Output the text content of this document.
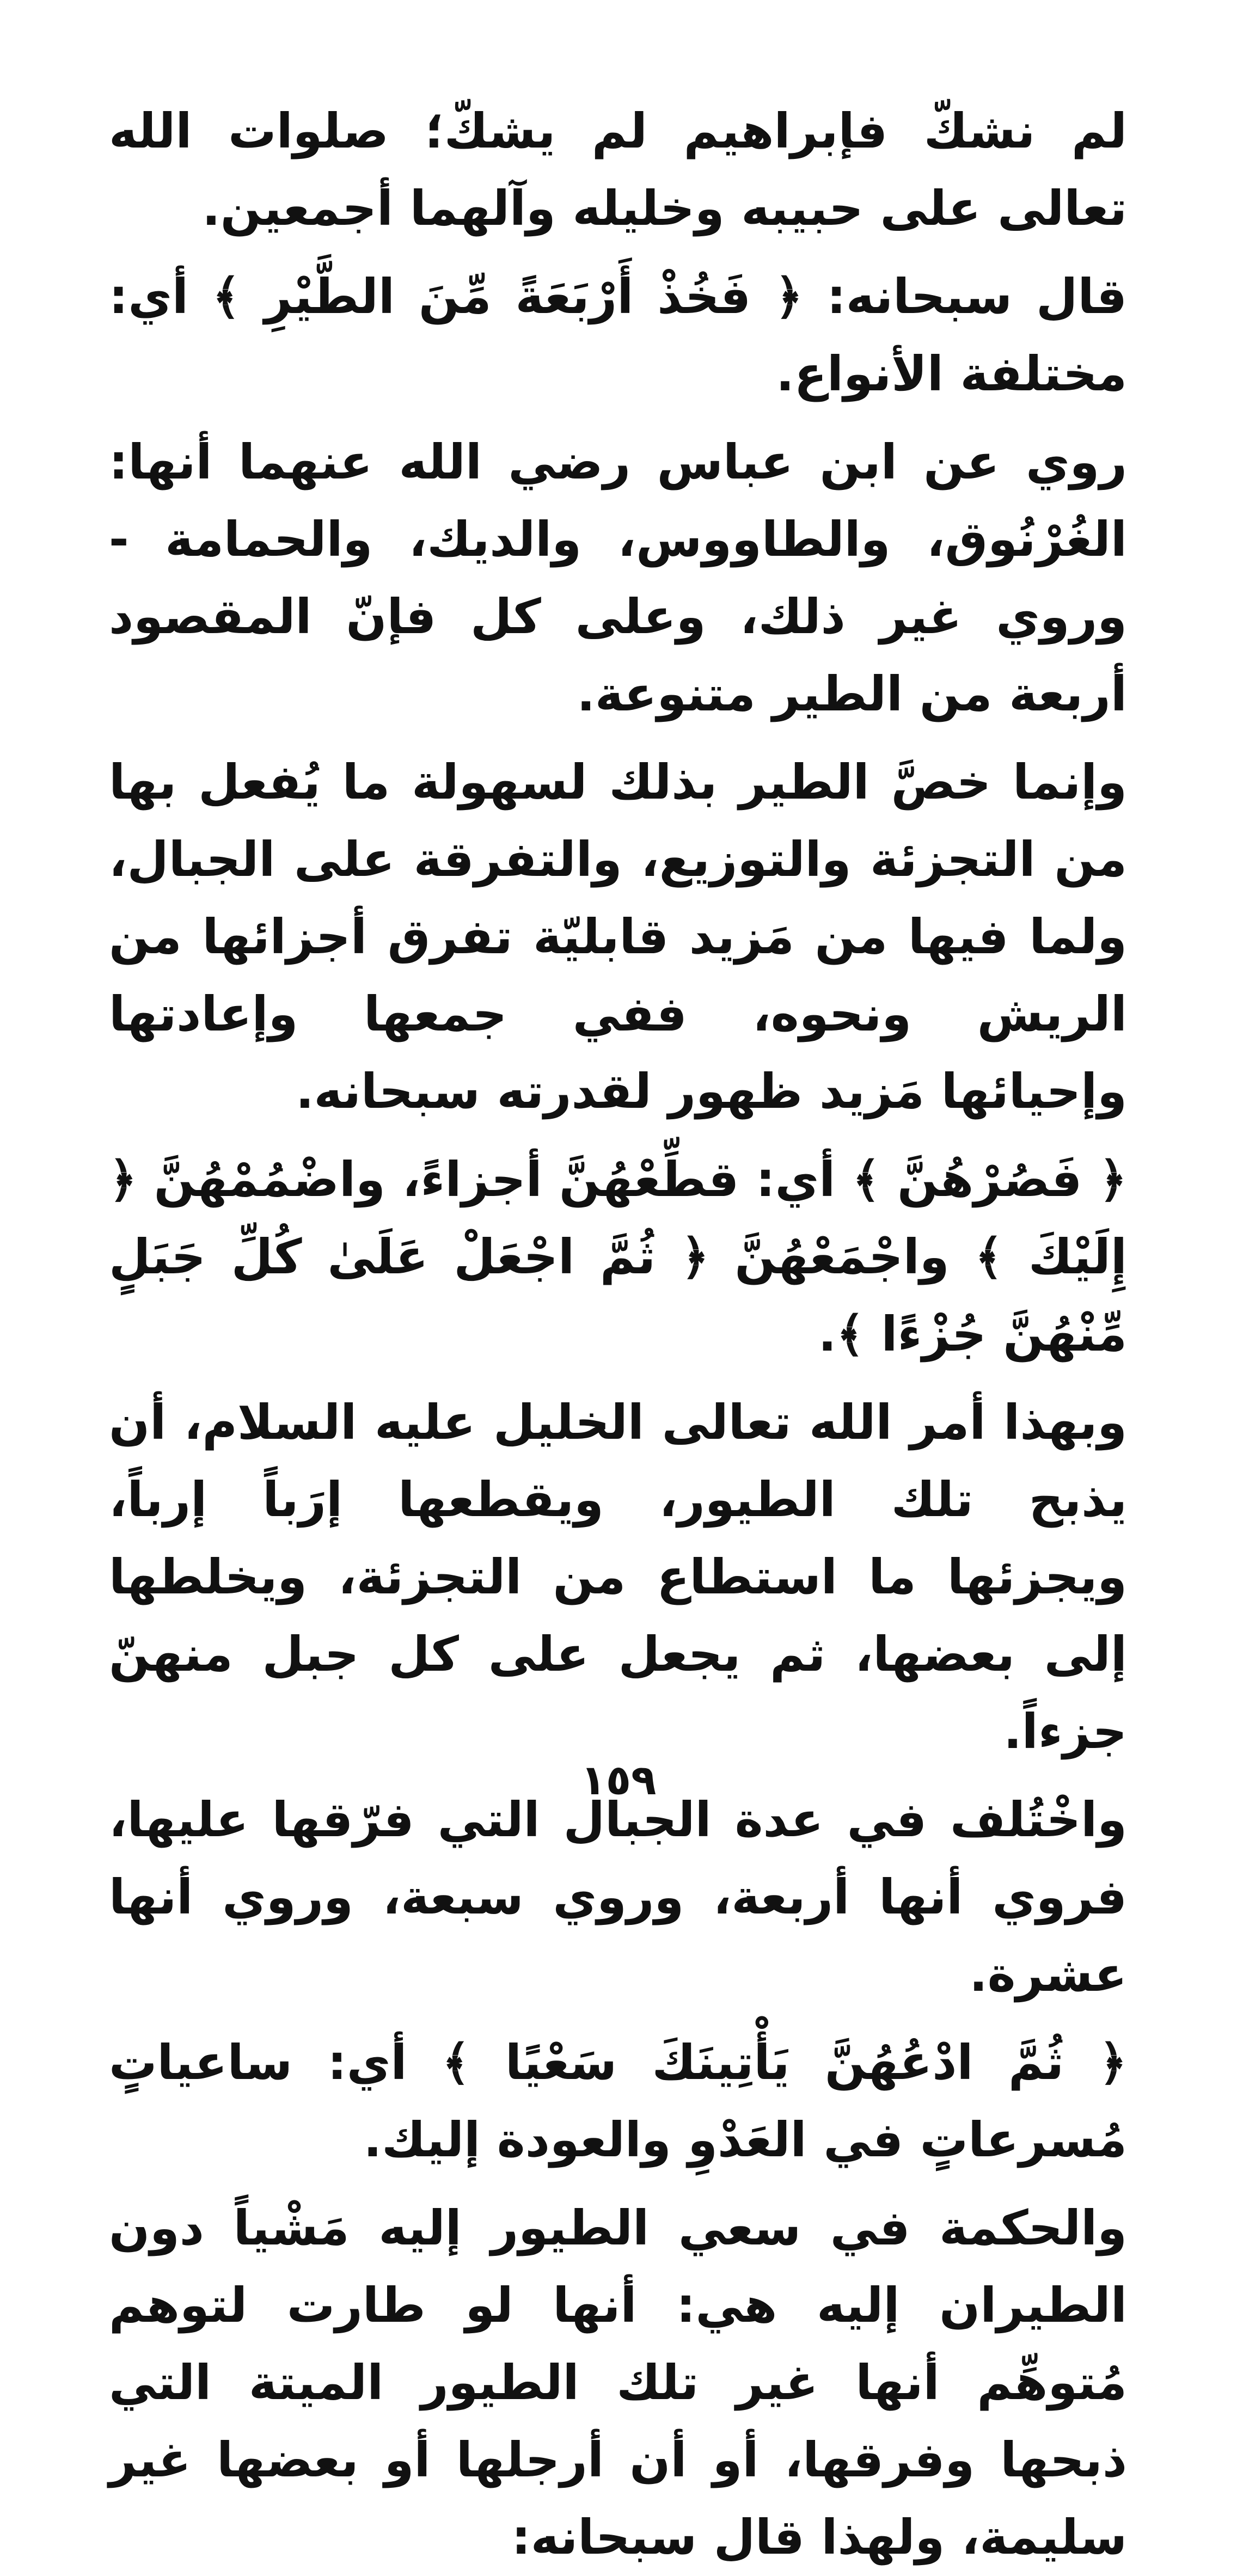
لم نشكّ فإبراهيم لم يشكّ؛ صلوات الله تعالى على حبيبه وخليله وآلهما أجمعين.

قال سبحانه: ﴿ فَخُذْ أَرْبَعَةً مِّنَ الطَّيْرِ ﴾ أي: مختلفة الأنواع.

روي عن ابن عباس رضي الله عنهما أنها: الغُرْنُوق، والطاووس، والديك، والحمامة - وروي غير ذلك، وعلى كل فإنّ المقصود أربعة من الطير متنوعة.

وإنما خصَّ الطير بذلك لسهولة ما يُفعل بها من التجزئة والتوزيع، والتفرقة على الجبال، ولما فيها من مَزيد قابليّة تفرق أجزائها من الريش ونحوه، ففي جمعها وإعادتها وإحيائها مَزيد ظهور لقدرته سبحانه.

﴿ فَصُرْهُنَّ ﴾ أي: قطِّعْهُنَّ أجزاءً، واضْمُمْهُنَّ ﴿ إِلَيْكَ ﴾ واجْمَعْهُنَّ ﴿ ثُمَّ اجْعَلْ عَلَىٰ كُلِّ جَبَلٍ مِّنْهُنَّ جُزْءًا ﴾.

وبهذا أمر الله تعالى الخليل عليه السلام، أن يذبح تلك الطيور، ويقطعها إرَباً إرباً، ويجزئها ما استطاع من التجزئة، ويخلطها إلى بعضها، ثم يجعل على كل جبل منهنّ جزءاً.

واخْتُلف في عدة الجبال التي فرّقها عليها، فروي أنها أربعة، وروي سبعة، وروي أنها عشرة.

﴿ ثُمَّ ادْعُهُنَّ يَأْتِينَكَ سَعْيًا ﴾ أي: ساعياتٍ مُسرعاتٍ في العَدْوِ والعودة إليك.

والحكمة في سعي الطيور إليه مَشْياً دون الطيران إليه هي: أنها لو طارت لتوهم مُتوهِّم أنها غير تلك الطيور الميتة التي ذبحها وفرقها، أو أن أرجلها أو بعضها غير سليمة، ولهذا قال سبحانه:

١٥٩
